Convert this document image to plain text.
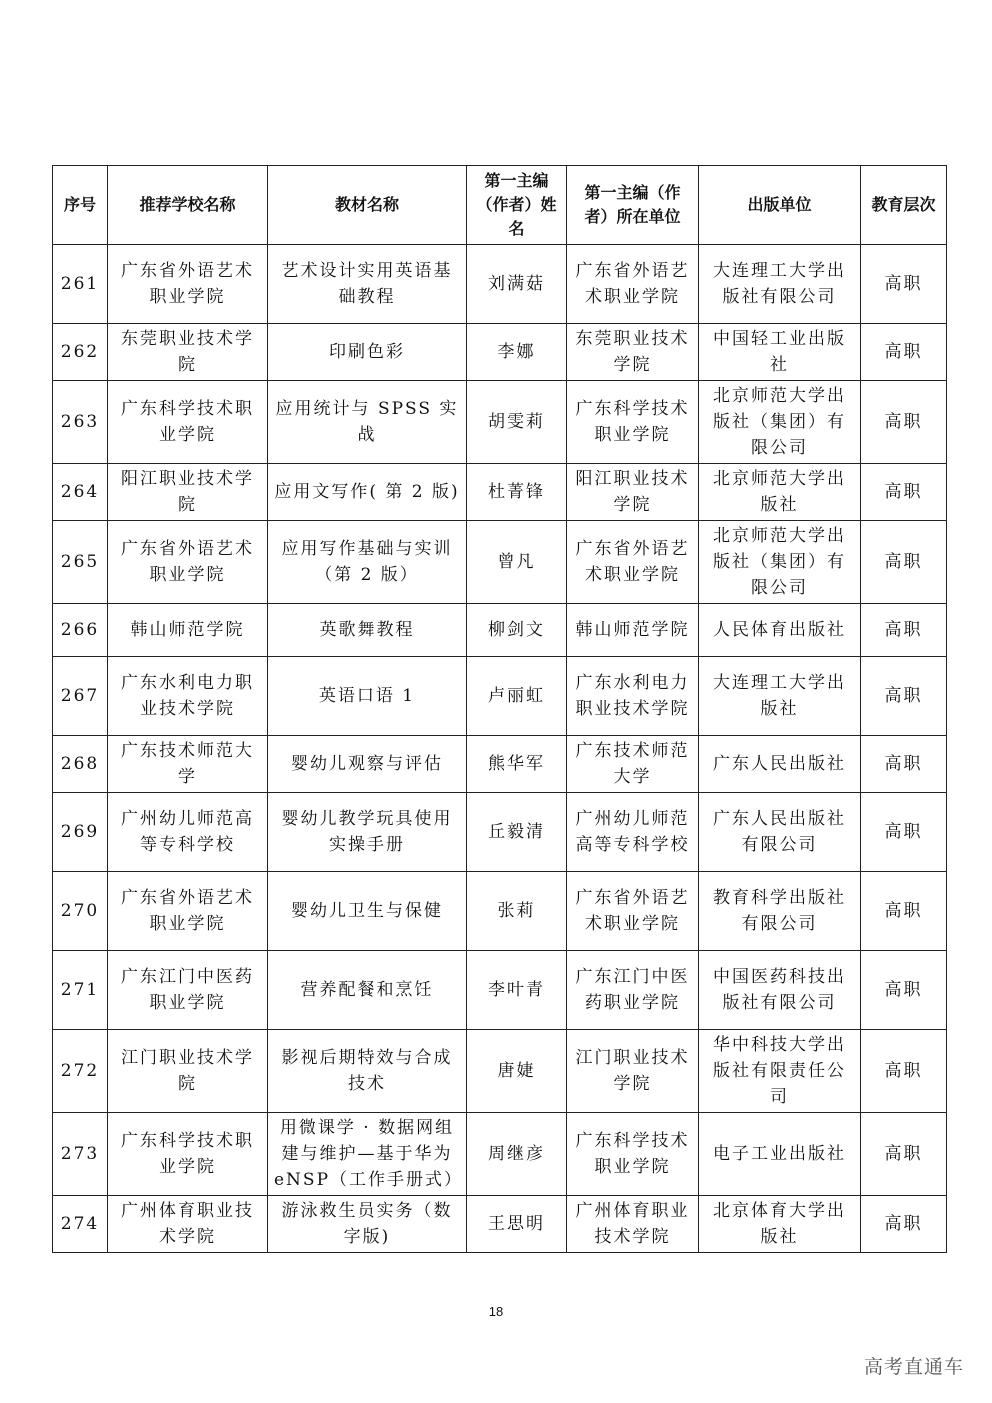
序号	推荐学校名称	教材名称	第一主编（作者）姓名	第一主编（作者）所在单位	出版单位	教育层次
261	广东省外语艺术职业学院	艺术设计实用英语基础教程	刘满菇	广东省外语艺术职业学院	大连理工大学出版社有限公司	高职
262	东莞职业技术学院	印刷色彩	李娜	东莞职业技术学院	中国轻工业出版社	高职
263	广东科学技术职业学院	应用统计与 SPSS 实战	胡雯莉	广东科学技术职业学院	北京师范大学出版社（集团）有限公司	高职
264	阳江职业技术学院	应用文写作( 第 2 版)	杜菁锋	阳江职业技术学院	北京师范大学出版社	高职
265	广东省外语艺术职业学院	应用写作基础与实训（第 2 版）	曾凡	广东省外语艺术职业学院	北京师范大学出版社（集团）有限公司	高职
266	韩山师范学院	英歌舞教程	柳剑文	韩山师范学院	人民体育出版社	高职
267	广东水利电力职业技术学院	英语口语 1	卢丽虹	广东水利电力职业技术学院	大连理工大学出版社	高职
268	广东技术师范大学	婴幼儿观察与评估	熊华军	广东技术师范大学	广东人民出版社	高职
269	广州幼儿师范高等专科学校	婴幼儿教学玩具使用实操手册	丘毅清	广州幼儿师范高等专科学校	广东人民出版社有限公司	高职
270	广东省外语艺术职业学院	婴幼儿卫生与保健	张莉	广东省外语艺术职业学院	教育科学出版社有限公司	高职
271	广东江门中医药职业学院	营养配餐和烹饪	李叶青	广东江门中医药职业学院	中国医药科技出版社有限公司	高职
272	江门职业技术学院	影视后期特效与合成技术	唐婕	江门职业技术学院	华中科技大学出版社有限责任公司	高职
273	广东科学技术职业学院	用微课学 · 数据网组建与维护—基于华为 eNSP（工作手册式）	周继彦	广东科学技术职业学院	电子工业出版社	高职
274	广州体育职业技术学院	游泳救生员实务（数字版)	王思明	广州体育职业技术学院	北京体育大学出版社	高职
18
高考直通车
